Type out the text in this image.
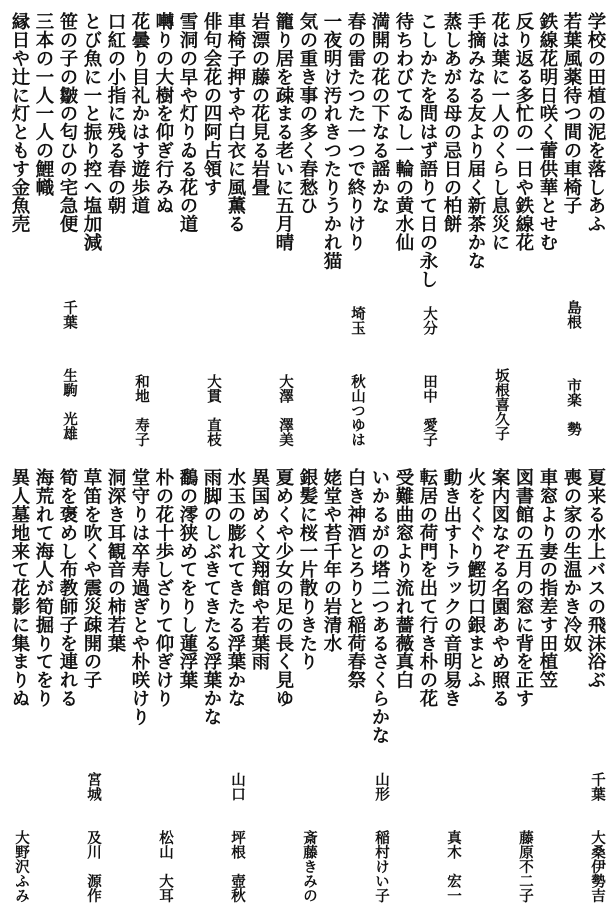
学校の田植の泥を落しあふ
若葉風薬待つ間の車椅子
鉄線花明日咲く蕾供華とせむ
反り返る多忙の一日や鉄線花
花は葉に一人のくらし息災に
手摘みなる友より届く新茶かな
蒸しあがる母の忌日の柏餅
こしかたを問はず語りて日の永し
待ちわびてゐし一輪の黄水仙
満開の花の下なる謡かな
春の雷たつた一つで終りけり
一夜明け汚れきつたりうかれ猫
気の重き事の多く春愁ひ
籠り居を疎まる老いに五月晴
岩漂の藤の花見る岩畳
車椅子押すや白衣に風薫る
俳句会花の四阿占領す
雪洞の早や灯りゐる花の道
囀りの大樹を仰ぎ行みぬ
花曇り目礼かはす遊歩道
口紅の小指に残る春の朝
とび魚に一と振り控へ塩加減
笹の子の皺の匂ひの宅急便
三本の一人一人の鯉幟
縁日や辻に灯ともす金魚売
島根
市楽　勢
坂根喜久子
大分
田中　愛子
埼玉
秋山つゆは
大澤　澤美
大貫　直枝
和地　寿子
千葉
生駒　光雄
夏来る水上バスの飛沫浴ぶ
喪の家の生温かき冷奴
車窓より妻の指差す田植笠
図書館の五月の窓に背を正す
案内図なぞる名園あやめ照る
火をくぐり鰹切口銀まとふ
動き出すトラックの音明易き
転居の荷門を出て行き朴の花
受難曲窓より流れ薔薇真白
いかるがの塔二つあるさくらかな
白き神酒とろりと稲荷春祭
姥堂や苔千年の岩清水
銀髪に桜一片散りきたり
夏めくや少女の足の長く見ゆ
異国めく文翔館や若葉雨
水玉の膨れてきたる浮葉かな
雨脚のしぶきてきたる浮葉かな
鷭の澪狭めてをりし蓮浮葉
朴の花十歩しざりて仰ぎけり
堂守りは卒寿過ぎとや朴咲けり
洞深き耳観音の柿若葉
草笛を吹くや震災疎開の子
筍を褒めし布教師子を連れる
海荒れて海人が筍掘りてをり
異人墓地来て花影に集まりぬ
千葉
大桑伊勢吉
藤原不二子
真木　宏一
山形
稲村けい子
斎藤きみの
松山　大耳
山口
坪根　壺秋
宮城
及川　源作
大野沢ふみ
